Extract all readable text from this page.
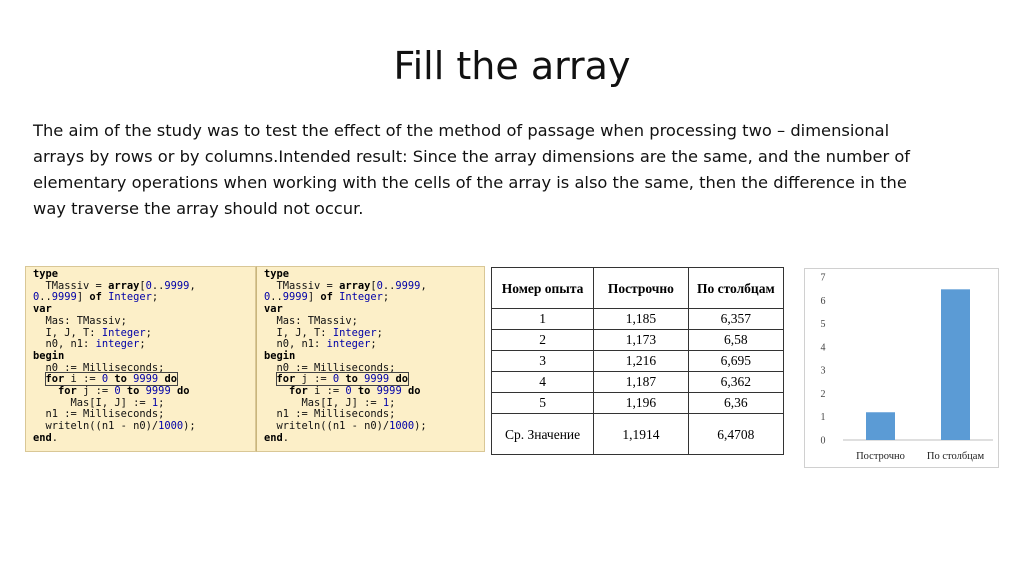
Fill the array
The aim of the study was to test the effect of the method of passage when processing two – dimensional
arrays by rows or by columns.Intended result: Since the array dimensions are the same, and the number of
elementary operations when working with the cells of the array is also the same, then the difference in the
way traverse the array should not occur.
type
TMassiv = array[0..9999,
0..9999] of Integer;
var
Mas: TMassiv;
I, J, T: Integer;
n0, n1: integer;
begin
n0 := Milliseconds;
for i := 0 to 9999 do
for j := 0 to 9999 do
Mas[I, J] := 1;
n1 := Milliseconds;
writeln((n1 - n0)/1000);
end.
type
TMassiv = array[0..9999,
0..9999] of Integer;
var
Mas: TMassiv;
I, J, T: Integer;
n0, n1: integer;
begin
n0 := Milliseconds;
for j := 0 to 9999 do
for i := 0 to 9999 do
Mas[I, J] := 1;
n1 := Milliseconds;
writeln((n1 - n0)/1000);
end.
Номер опыта	Построчно	По столбцам
1	1,185	6,357
2	1,173	6,58
3	1,216	6,695
4	1,187	6,362
5	1,196	6,36
Ср. Значение	1,1914	6,4708	0
1
2
3
4
5
6
7
Построчно По столбцам
